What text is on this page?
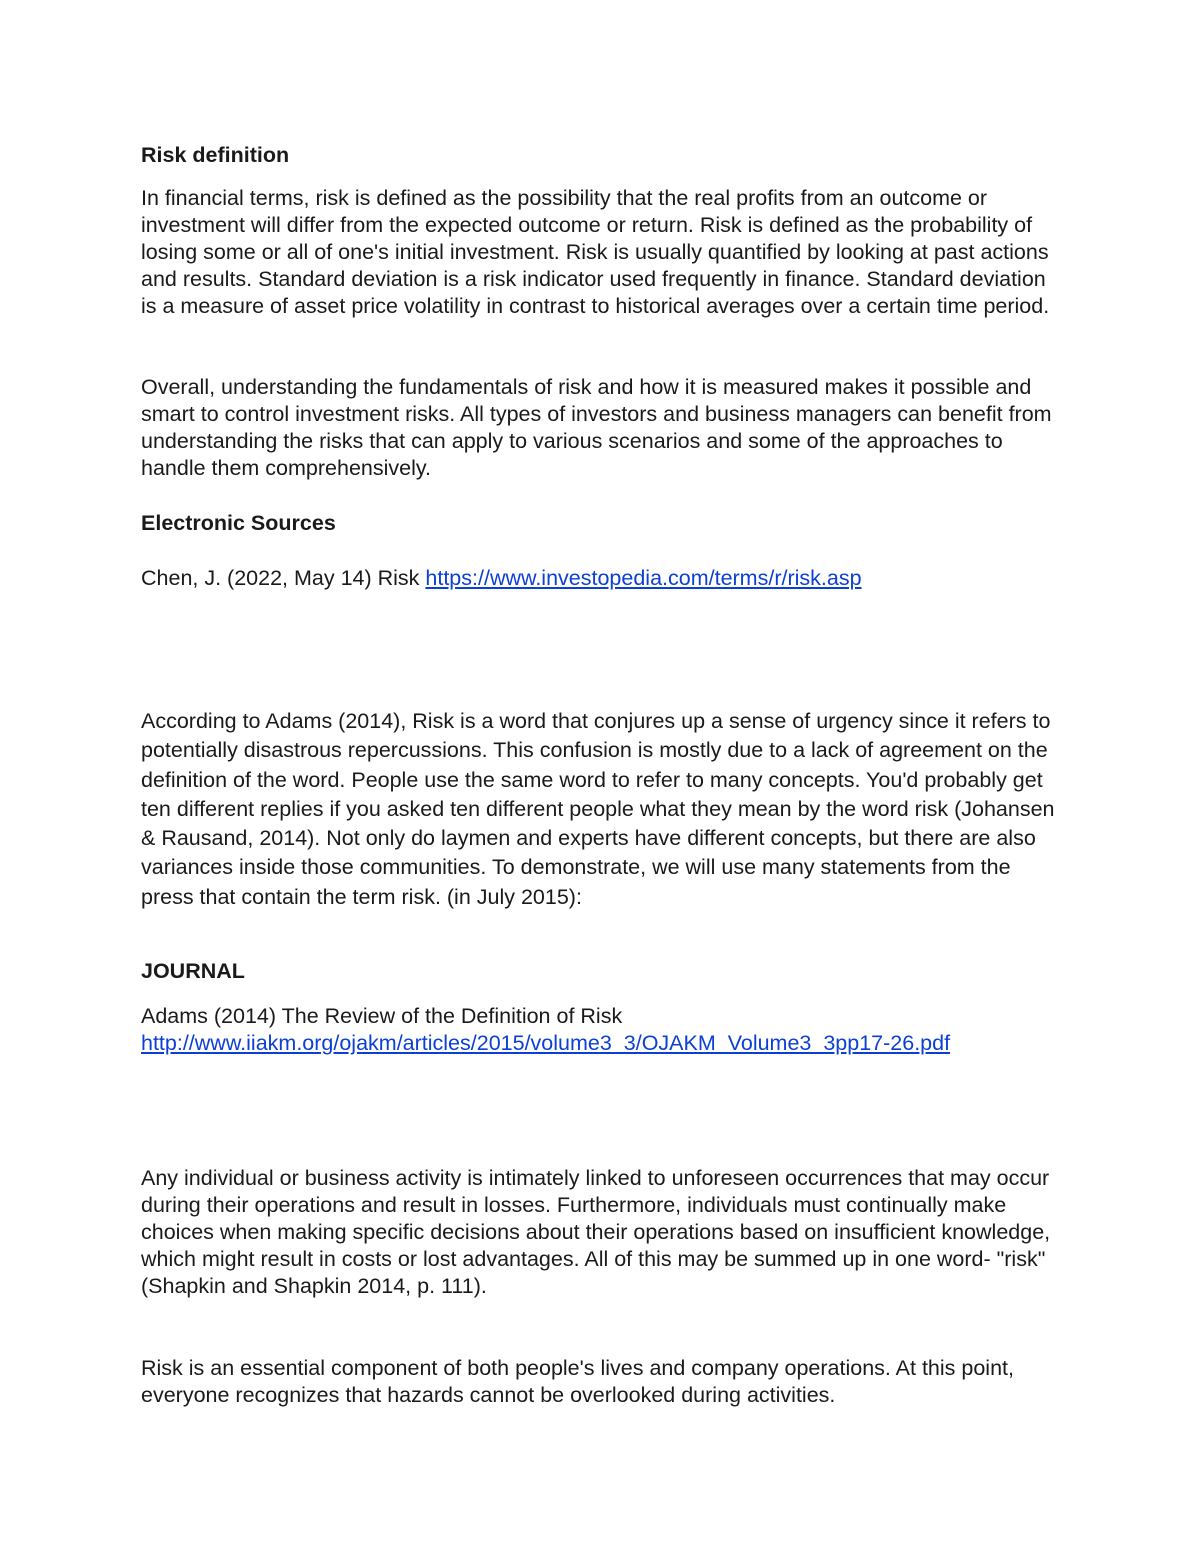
Risk definition

In financial terms, risk is defined as the possibility that the real profits from an outcome or investment will differ from the expected outcome or return. Risk is defined as the probability of losing some or all of one's initial investment. Risk is usually quantified by looking at past actions and results. Standard deviation is a risk indicator used frequently in finance. Standard deviation is a measure of asset price volatility in contrast to historical averages over a certain time period.

Overall, understanding the fundamentals of risk and how it is measured makes it possible and smart to control investment risks. All types of investors and business managers can benefit from understanding the risks that can apply to various scenarios and some of the approaches to handle them comprehensively.

Electronic Sources

Chen, J. (2022, May 14) Risk https://www.investopedia.com/terms/r/risk.asp

According to Adams (2014), Risk is a word that conjures up a sense of urgency since it refers to potentially disastrous repercussions. This confusion is mostly due to a lack of agreement on the definition of the word. People use the same word to refer to many concepts. You'd probably get ten different replies if you asked ten different people what they mean by the word risk (Johansen & Rausand, 2014). Not only do laymen and experts have different concepts, but there are also variances inside those communities. To demonstrate, we will use many statements from the press that contain the term risk. (in July 2015):

JOURNAL

Adams (2014) The Review of the Definition of Risk
http://www.iiakm.org/ojakm/articles/2015/volume3_3/OJAKM_Volume3_3pp17-26.pdf

Any individual or business activity is intimately linked to unforeseen occurrences that may occur during their operations and result in losses. Furthermore, individuals must continually make choices when making specific decisions about their operations based on insufficient knowledge, which might result in costs or lost advantages. All of this may be summed up in one word- "risk" (Shapkin and Shapkin 2014, p. 111).

Risk is an essential component of both people's lives and company operations. At this point, everyone recognizes that hazards cannot be overlooked during activities.
